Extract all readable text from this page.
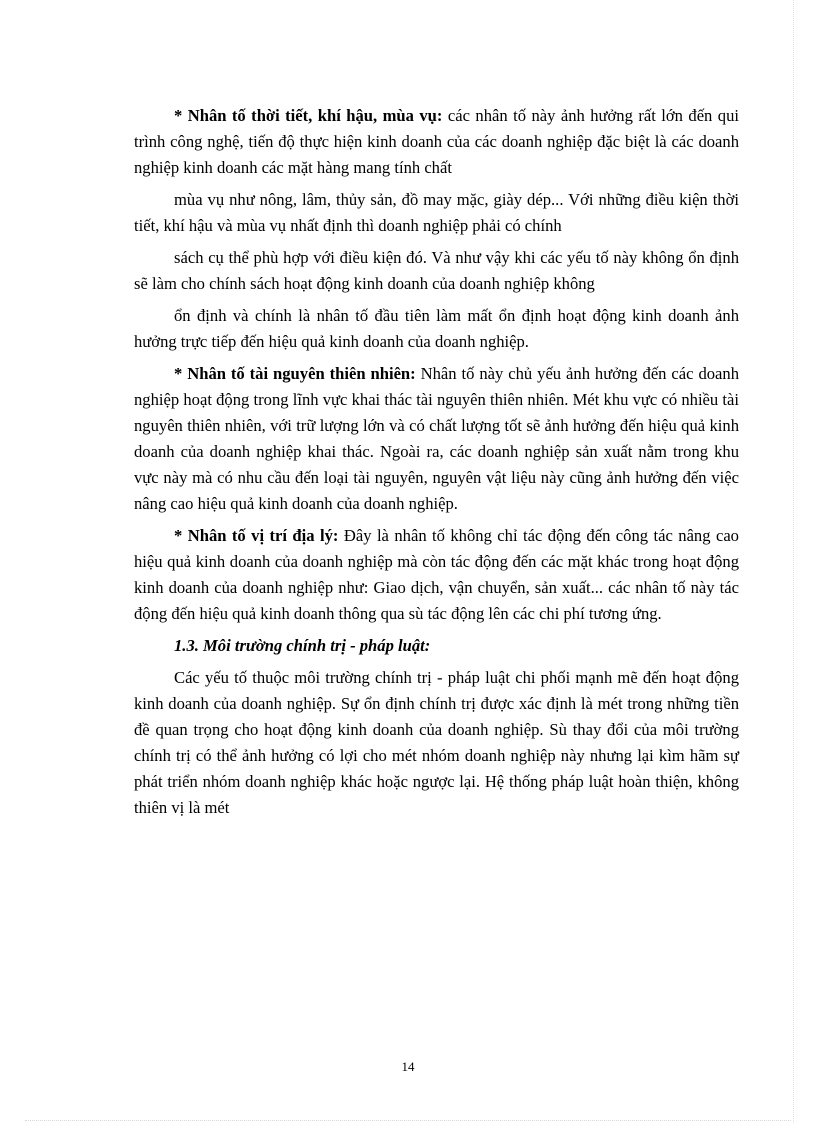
* Nhân tố thời tiết, khí hậu, mùa vụ: các nhân tố này ảnh hưởng rất lớn đến qui trình công nghệ, tiến độ thực hiện kinh doanh của các doanh nghiệp đặc biệt là các doanh nghiệp kinh doanh các mặt hàng mang tính chất

mùa vụ như nông, lâm, thủy sản, đồ may mặc, giày dép... Với những điều kiện thời tiết, khí hậu và mùa vụ nhất định thì doanh nghiệp phải có chính

sách cụ thể phù hợp với điều kiện đó. Và như vậy khi các yếu tố này không ổn định sẽ làm cho chính sách hoạt động kinh doanh của doanh nghiệp không

ổn định và chính là nhân tố đầu tiên làm mất ổn định hoạt động kinh doanh ảnh hưởng trực tiếp đến hiệu quả kinh doanh của doanh nghiệp.

* Nhân tố tài nguyên thiên nhiên: Nhân tố này chủ yếu ảnh hưởng đến các doanh nghiệp hoạt động trong lĩnh vực khai thác tài nguyên thiên nhiên. Mét khu vực có nhiều tài nguyên thiên nhiên, với trữ lượng lớn và có chất lượng tốt sẽ ảnh hưởng đến hiệu quả kinh doanh của doanh nghiệp khai thác. Ngoài ra, các doanh nghiệp sản xuất nằm trong khu vực này mà có nhu cầu đến loại tài nguyên, nguyên vật liệu này cũng ảnh hưởng đến việc nâng cao hiệu quả kinh doanh của doanh nghiệp.

* Nhân tố vị trí địa lý: Đây là nhân tố không chỉ tác động đến công tác nâng cao hiệu quả kinh doanh của doanh nghiệp mà còn tác động đến các mặt khác trong hoạt động kinh doanh của doanh nghiệp như: Giao dịch, vận chuyển, sản xuất... các nhân tố này tác động đến hiệu quả kinh doanh thông qua sù tác động lên các chi phí tương ứng.

1.3. Môi trường chính trị - pháp luật:

Các yếu tố thuộc môi trường chính trị - pháp luật chi phối mạnh mẽ đến hoạt động kinh doanh của doanh nghiệp. Sự ổn định chính trị được xác định là mét trong những tiền đề quan trọng cho hoạt động kinh doanh của doanh nghiệp. Sù thay đổi của môi trường chính trị có thể ảnh hưởng có lợi cho mét nhóm doanh nghiệp này nhưng lại kìm hãm sự phát triển nhóm doanh nghiệp khác hoặc ngược lại. Hệ thống pháp luật hoàn thiện, không thiên vị là mét

14
